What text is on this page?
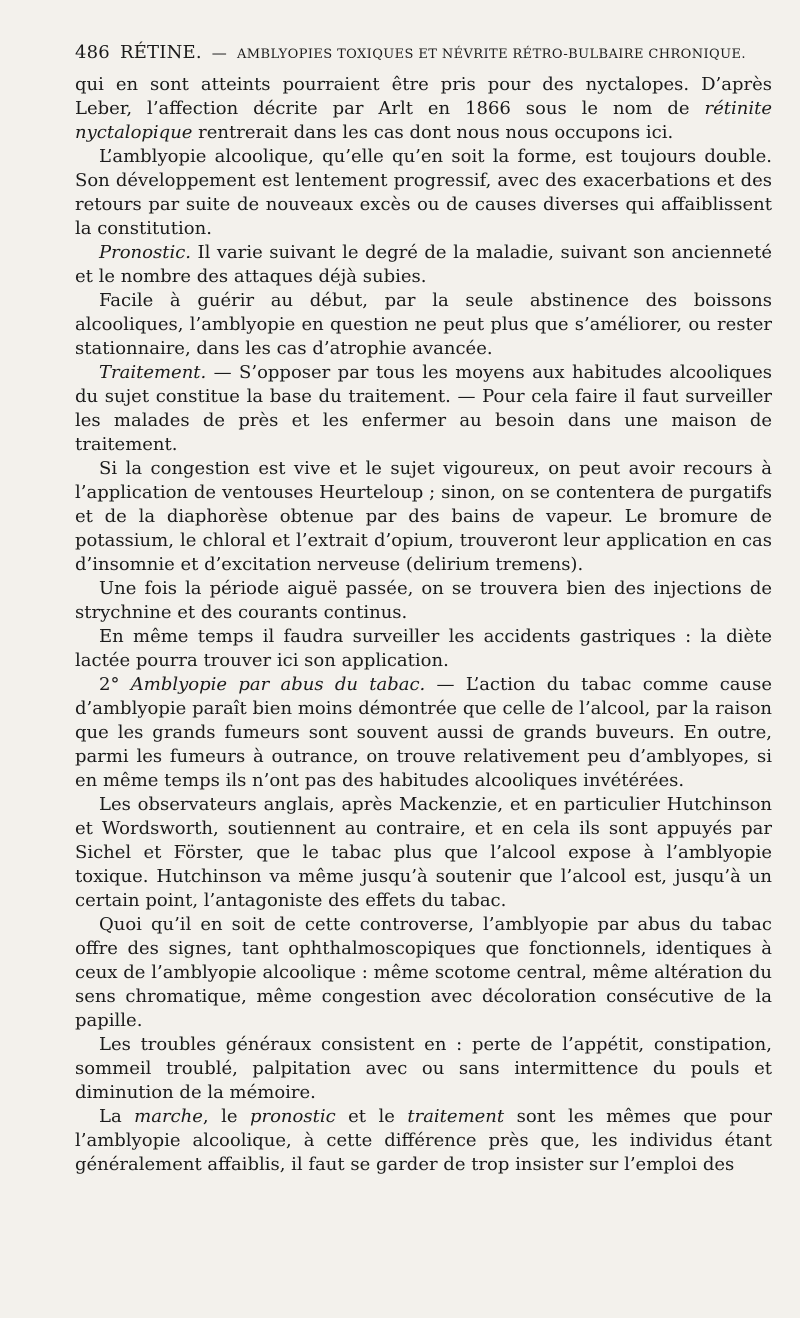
486 RÉTINE. — AMBLYOPIES TOXIQUES ET NÉVRITE RÉTRO-BULBAIRE CHRONIQUE.

qui en sont atteints pourraient être pris pour des nyctalopes. D’après Leber, l’affection décrite par Arlt en 1866 sous le nom de rétinite nyctalopique rentrerait dans les cas dont nous nous occupons ici.

L’amblyopie alcoolique, qu’elle qu’en soit la forme, est toujours double. Son développement est lentement progressif, avec des exacerbations et des retours par suite de nouveaux excès ou de causes diverses qui affaiblissent la constitution.

Pronostic. Il varie suivant le degré de la maladie, suivant son ancienneté et le nombre des attaques déjà subies.

Facile à guérir au début, par la seule abstinence des boissons alcooliques, l’amblyopie en question ne peut plus que s’améliorer, ou rester stationnaire, dans les cas d’atrophie avancée.

Traitement. — S’opposer par tous les moyens aux habitudes alcooliques du sujet constitue la base du traitement. — Pour cela faire il faut surveiller les malades de près et les enfermer au besoin dans une maison de traitement.

Si la congestion est vive et le sujet vigoureux, on peut avoir recours à l’application de ventouses Heurteloup ; sinon, on se contentera de purgatifs et de la diaphorèse obtenue par des bains de vapeur. Le bromure de potassium, le chloral et l’extrait d’opium, trouveront leur application en cas d’insomnie et d’excitation nerveuse (delirium tremens).

Une fois la période aiguë passée, on se trouvera bien des injections de strychnine et des courants continus.

En même temps il faudra surveiller les accidents gastriques : la diète lactée pourra trouver ici son application.

2° Amblyopie par abus du tabac. — L’action du tabac comme cause d’amblyopie paraît bien moins démontrée que celle de l’alcool, par la raison que les grands fumeurs sont souvent aussi de grands buveurs. En outre, parmi les fumeurs à outrance, on trouve relativement peu d’amblyopes, si en même temps ils n’ont pas des habitudes alcooliques invétérées.

Les observateurs anglais, après Mackenzie, et en particulier Hutchinson et Wordsworth, soutiennent au contraire, et en cela ils sont appuyés par Sichel et Förster, que le tabac plus que l’alcool expose à l’amblyopie toxique. Hutchinson va même jusqu’à soutenir que l’alcool est, jusqu’à un certain point, l’antagoniste des effets du tabac.

Quoi qu’il en soit de cette controverse, l’amblyopie par abus du tabac offre des signes, tant ophthalmoscopiques que fonctionnels, identiques à ceux de l’amblyopie alcoolique : même scotome central, même altération du sens chromatique, même congestion avec décoloration consécutive de la papille.

Les troubles généraux consistent en : perte de l’appétit, constipation, sommeil troublé, palpitation avec ou sans intermittence du pouls et diminution de la mémoire.

La marche, le pronostic et le traitement sont les mêmes que pour l’amblyopie alcoolique, à cette différence près que, les individus étant généralement affaiblis, il faut se garder de trop insister sur l’emploi des
